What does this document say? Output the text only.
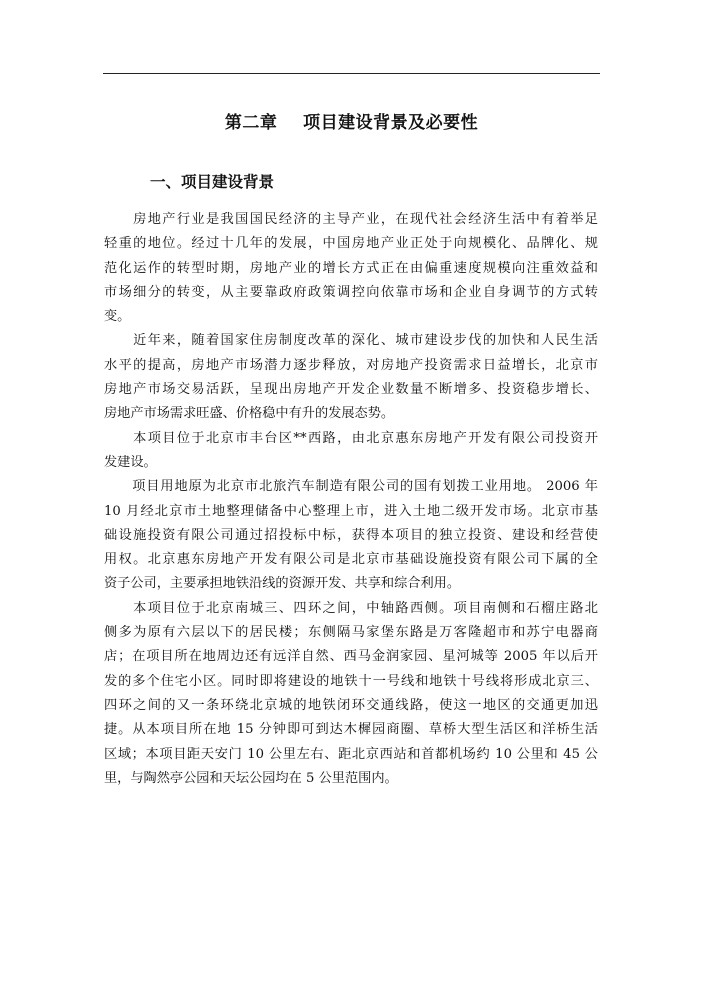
第二章    项目建设背景及必要性
一、项目建设背景
　　房地产行业是我国国民经济的主导产业，在现代社会经济生活中有着举足
轻重的地位。经过十几年的发展，中国房地产业正处于向规模化、品牌化、规
范化运作的转型时期，房地产业的增长方式正在由偏重速度规模向注重效益和
市场细分的转变，从主要靠政府政策调控向依靠市场和企业自身调节的方式转
变。
　　近年来，随着国家住房制度改革的深化、城市建设步伐的加快和人民生活
水平的提高，房地产市场潜力逐步释放，对房地产投资需求日益增长，北京市
房地产市场交易活跃，呈现出房地产开发企业数量不断增多、投资稳步增长、
房地产市场需求旺盛、价格稳中有升的发展态势。
　　本项目位于北京市丰台区**西路，由北京惠东房地产开发有限公司投资开
发建设。
　　项目用地原为北京市北旅汽车制造有限公司的国有划拨工业用地。 2006 年
10 月经北京市土地整理储备中心整理上市，进入土地二级开发市场。北京市基
础设施投资有限公司通过招投标中标，获得本项目的独立投资、建设和经营使
用权。北京惠东房地产开发有限公司是北京市基础设施投资有限公司下属的全
资子公司，主要承担地铁沿线的资源开发、共享和综合利用。
　　本项目位于北京南城三、四环之间，中轴路西侧。项目南侧和石榴庄路北
侧多为原有六层以下的居民楼；东侧隔马家堡东路是万客隆超市和苏宁电器商
店；在项目所在地周边还有远洋自然、西马金润家园、星河城等 2005 年以后开
发的多个住宅小区。同时即将建设的地铁十一号线和地铁十号线将形成北京三、
四环之间的又一条环绕北京城的地铁闭环交通线路，使这一地区的交通更加迅
捷。从本项目所在地 15 分钟即可到达木樨园商圈、草桥大型生活区和洋桥生活
区域；本项目距天安门 10 公里左右、距北京西站和首都机场约 10 公里和 45 公
里，与陶然亭公园和天坛公园均在 5 公里范围内。
